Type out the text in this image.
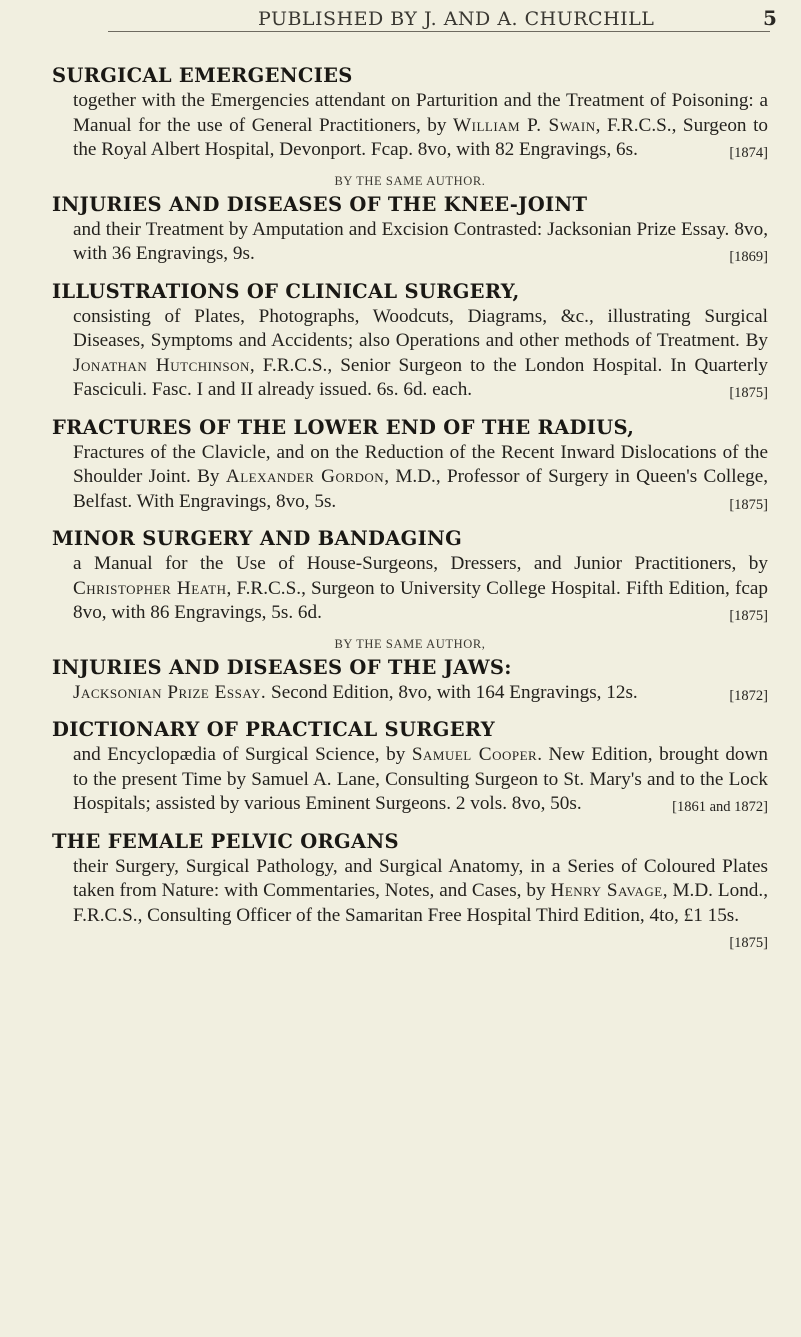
PUBLISHED BY J. AND A. CHURCHILL	5

SURGICAL EMERGENCIES

together with the Emergencies attendant on Parturition and the Treatment of Poisoning: a Manual for the use of General Practitioners, by William P. Swain, F.R.C.S., Surgeon to the Royal Albert Hospital, Devonport. Fcap. 8vo, with 82 Engravings, 6s.	[1874]

BY THE SAME AUTHOR.

INJURIES AND DISEASES OF THE KNEE-JOINT

and their Treatment by Amputation and Excision Contrasted: Jacksonian Prize Essay. 8vo, with 36 Engravings, 9s.	[1869]

ILLUSTRATIONS OF CLINICAL SURGERY,

consisting of Plates, Photographs, Woodcuts, Diagrams, &c., illustrating Surgical Diseases, Symptoms and Accidents; also Operations and other methods of Treatment. By Jonathan Hutchinson, F.R.C.S., Senior Surgeon to the London Hospital. In Quarterly Fasciculi. Fasc. I and II already issued. 6s. 6d. each.	[1875]

FRACTURES OF THE LOWER END OF THE RADIUS,

Fractures of the Clavicle, and on the Reduction of the Recent Inward Dislocations of the Shoulder Joint. By Alexander Gordon, M.D., Professor of Surgery in Queen's College, Belfast. With Engravings, 8vo, 5s.	[1875]

MINOR SURGERY AND BANDAGING

a Manual for the Use of House-Surgeons, Dressers, and Junior Practitioners, by Christopher Heath, F.R.C.S., Surgeon to University College Hospital. Fifth Edition, fcap 8vo, with 86 Engravings, 5s. 6d.	[1875]

BY THE SAME AUTHOR,

INJURIES AND DISEASES OF THE JAWS:

Jacksonian Prize Essay. Second Edition, 8vo, with 164 Engravings, 12s.	[1872]

DICTIONARY OF PRACTICAL SURGERY

and Encyclopædia of Surgical Science, by Samuel Cooper. New Edition, brought down to the present Time by Samuel A. Lane, Consulting Surgeon to St. Mary's and to the Lock Hospitals; assisted by various Eminent Surgeons. 2 vols. 8vo, 50s.	[1861 and 1872]

THE FEMALE PELVIC ORGANS

their Surgery, Surgical Pathology, and Surgical Anatomy, in a Series of Coloured Plates taken from Nature: with Commentaries, Notes, and Cases, by Henry Savage, M.D. Lond., F.R.C.S., Consulting Officer of the Samaritan Free Hospital Third Edition, 4to, £1 15s.
[1875]
